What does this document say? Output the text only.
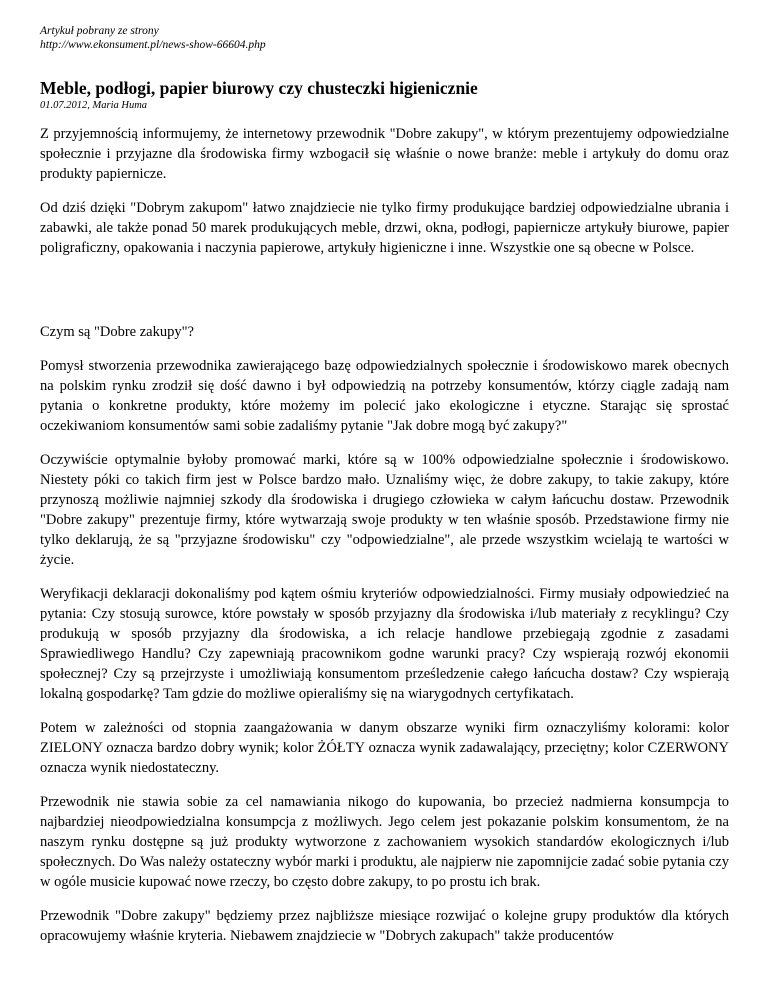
Artykuł pobrany ze strony
http://www.ekonsument.pl/news-show-66604.php
Meble, podłogi, papier biurowy czy chusteczki higienicznie
01.07.2012, Maria Huma

Z przyjemnością informujemy, że internetowy przewodnik "Dobre zakupy", w którym prezentujemy odpowiedzialne społecznie i przyjazne dla środowiska firmy wzbogacił się właśnie o nowe branże: meble i artykuły do domu oraz produkty papiernicze.

Od dziś dzięki "Dobrym zakupom" łatwo znajdziecie nie tylko firmy produkujące bardziej odpowiedzialne ubrania i zabawki, ale także ponad 50 marek produkujących meble, drzwi, okna, podłogi, papiernicze artykuły biurowe, papier poligraficzny, opakowania i naczynia papierowe, artykuły higieniczne i inne. Wszystkie one są obecne w Polsce.

Czym są "Dobre zakupy"?

Pomysł stworzenia przewodnika zawierającego bazę odpowiedzialnych społecznie i środowiskowo marek obecnych na polskim rynku zrodził się dość dawno i był odpowiedzią na potrzeby konsumentów, którzy ciągle zadają nam pytania o konkretne produkty, które możemy im polecić jako ekologiczne i etyczne. Starając się sprostać oczekiwaniom konsumentów sami sobie zadaliśmy pytanie "Jak dobre mogą być zakupy?"

Oczywiście optymalnie byłoby promować marki, które są w 100% odpowiedzialne społecznie i środowiskowo. Niestety póki co takich firm jest w Polsce bardzo mało. Uznaliśmy więc, że dobre zakupy, to takie zakupy, które przynoszą możliwie najmniej szkody dla środowiska i drugiego człowieka w całym łańcuchu dostaw. Przewodnik "Dobre zakupy" prezentuje firmy, które wytwarzają swoje produkty w ten właśnie sposób. Przedstawione firmy nie tylko deklarują, że są "przyjazne środowisku" czy "odpowiedzialne", ale przede wszystkim wcielają te wartości w życie.

Weryfikacji deklaracji dokonaliśmy pod kątem ośmiu kryteriów odpowiedzialności. Firmy musiały odpowiedzieć na pytania: Czy stosują surowce, które powstały w sposób przyjazny dla środowiska i/lub materiały z recyklingu? Czy produkują w sposób przyjazny dla środowiska, a ich relacje handlowe przebiegają zgodnie z zasadami Sprawiedliwego Handlu? Czy zapewniają pracownikom godne warunki pracy? Czy wspierają rozwój ekonomii społecznej? Czy są przejrzyste i umożliwiają konsumentom prześledzenie całego łańcucha dostaw? Czy wspierają lokalną gospodarkę? Tam gdzie do możliwe opieraliśmy się na wiarygodnych certyfikatach.

Potem w zależności od stopnia zaangażowania w danym obszarze wyniki firm oznaczyliśmy kolorami: kolor ZIELONY oznacza bardzo dobry wynik; kolor ŻÓŁTY oznacza wynik zadawalający, przeciętny; kolor CZERWONY oznacza wynik niedostateczny.

Przewodnik nie stawia sobie za cel namawiania nikogo do kupowania, bo przecież nadmierna konsumpcja to najbardziej nieodpowiedzialna konsumpcja z możliwych. Jego celem jest pokazanie polskim konsumentom, że na naszym rynku dostępne są już produkty wytworzone z zachowaniem wysokich standardów ekologicznych i/lub społecznych. Do Was należy ostateczny wybór marki i produktu, ale najpierw nie zapomnijcie zadać sobie pytania czy w ogóle musicie kupować nowe rzeczy, bo często dobre zakupy, to po prostu ich brak.

Przewodnik "Dobre zakupy" będziemy przez najbliższe miesiące rozwijać o kolejne grupy produktów dla których opracowujemy właśnie kryteria. Niebawem znajdziecie w "Dobrych zakupach" także producentów
